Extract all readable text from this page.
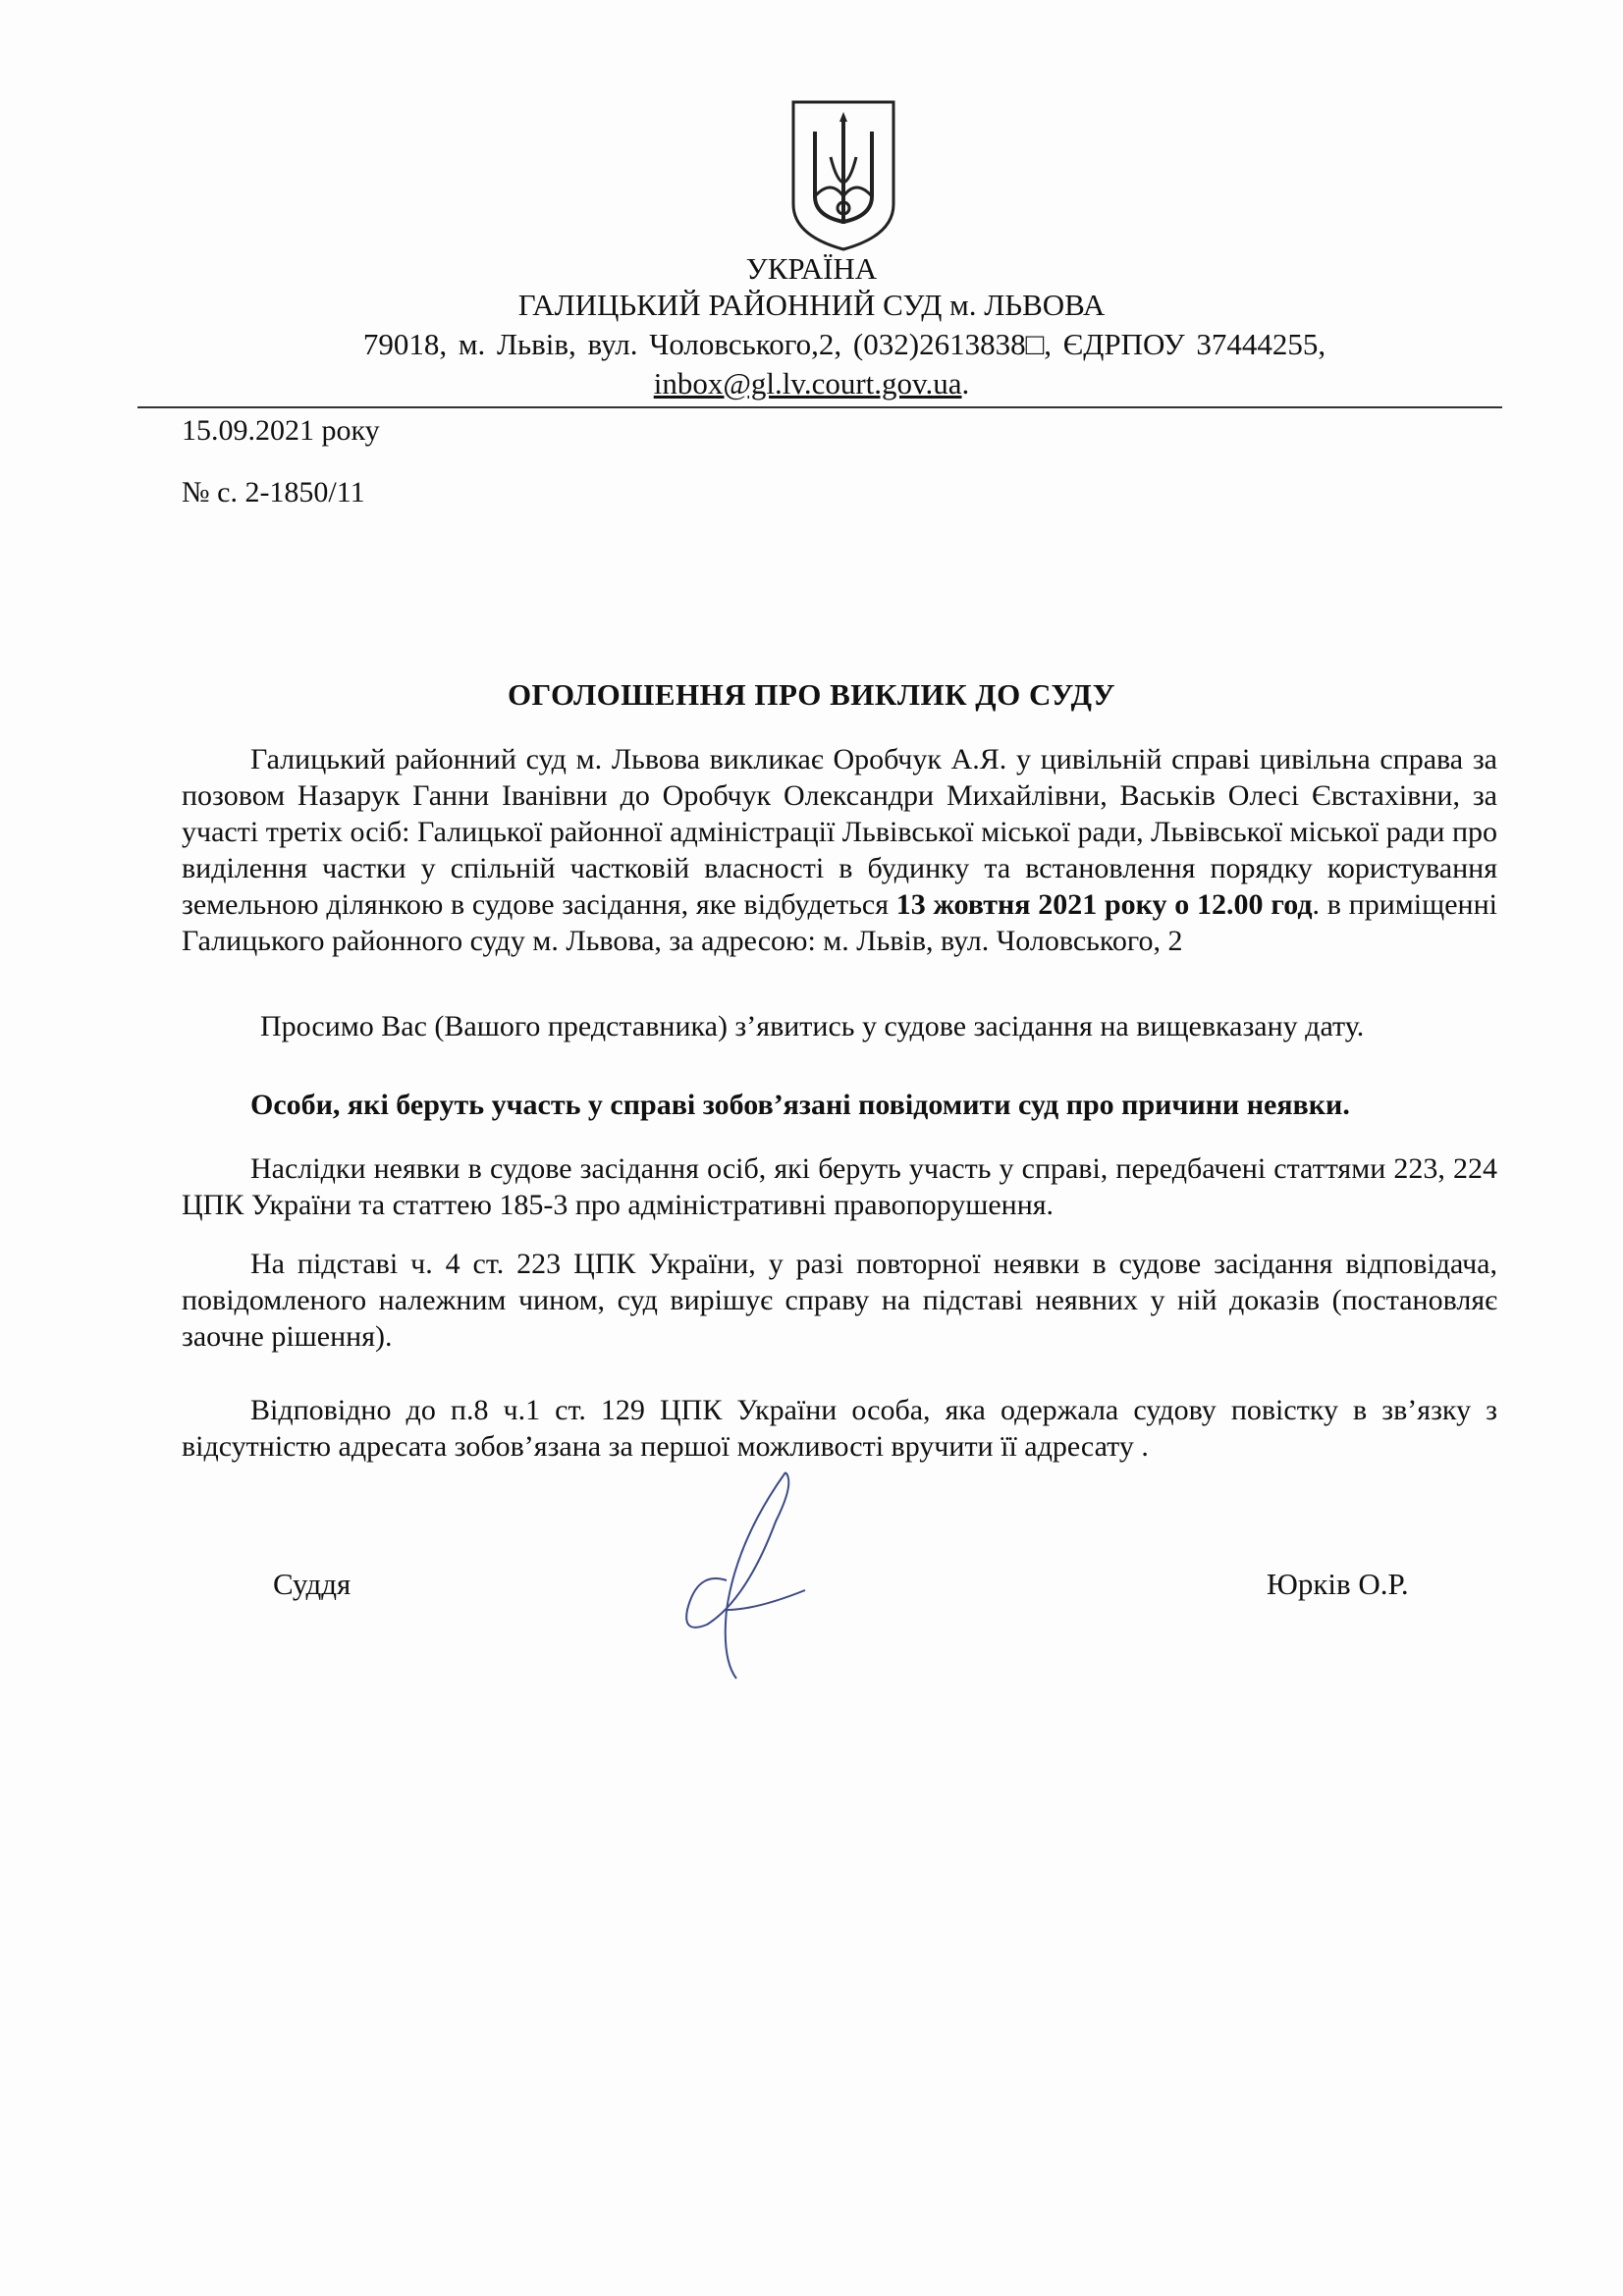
УКРАЇНА
ГАЛИЦЬКИЙ РАЙОННИЙ СУД м. ЛЬВОВА
79018, м. Львів, вул. Чоловського,2, (032)2613838□, ЄДРПОУ 37444255,
inbox@gl.lv.court.gov.ua.
15.09.2021 року
№ с. 2-1850/11
ОГОЛОШЕННЯ ПРО ВИКЛИК ДО СУДУ
Галицький районний суд м. Львова викликає Оробчук А.Я. у цивільній справі цивільна справа за позовом Назарук Ганни Іванівни до Оробчук Олександри Михайлівни, Васьків Олесі Євстахівни, за участі третіх осіб: Галицької районної адміністрації Львівської міської ради, Львівської міської ради про виділення частки у спільній частковій власності в будинку та встановлення порядку користування земельною ділянкою в судове засідання, яке відбудеться 13 жовтня 2021 року о 12.00 год. в приміщенні Галицького районного суду м. Львова, за адресою: м. Львів, вул. Чоловського, 2
Просимо Вас (Вашого представника) з’явитись у судове засідання на вищевказану дату.
Особи, які беруть участь у справі зобов’язані повідомити суд про причини неявки.
Наслідки неявки в судове засідання осіб, які беруть участь у справі, передбачені статтями 223, 224 ЦПК України та статтею 185-3 про адміністративні правопорушення.
На підставі ч. 4 ст. 223 ЦПК України, у разі повторної неявки в судове засідання відповідача, повідомленого належним чином, суд вирішує справу на підставі неявних у ній доказів (постановляє заочне рішення).
Відповідно до п.8 ч.1 ст. 129 ЦПК України особа, яка одержала судову повістку в зв’язку з відсутністю адресата зобов’язана за першої можливості вручити її адресату .
Суддя	Юрків О.Р.
